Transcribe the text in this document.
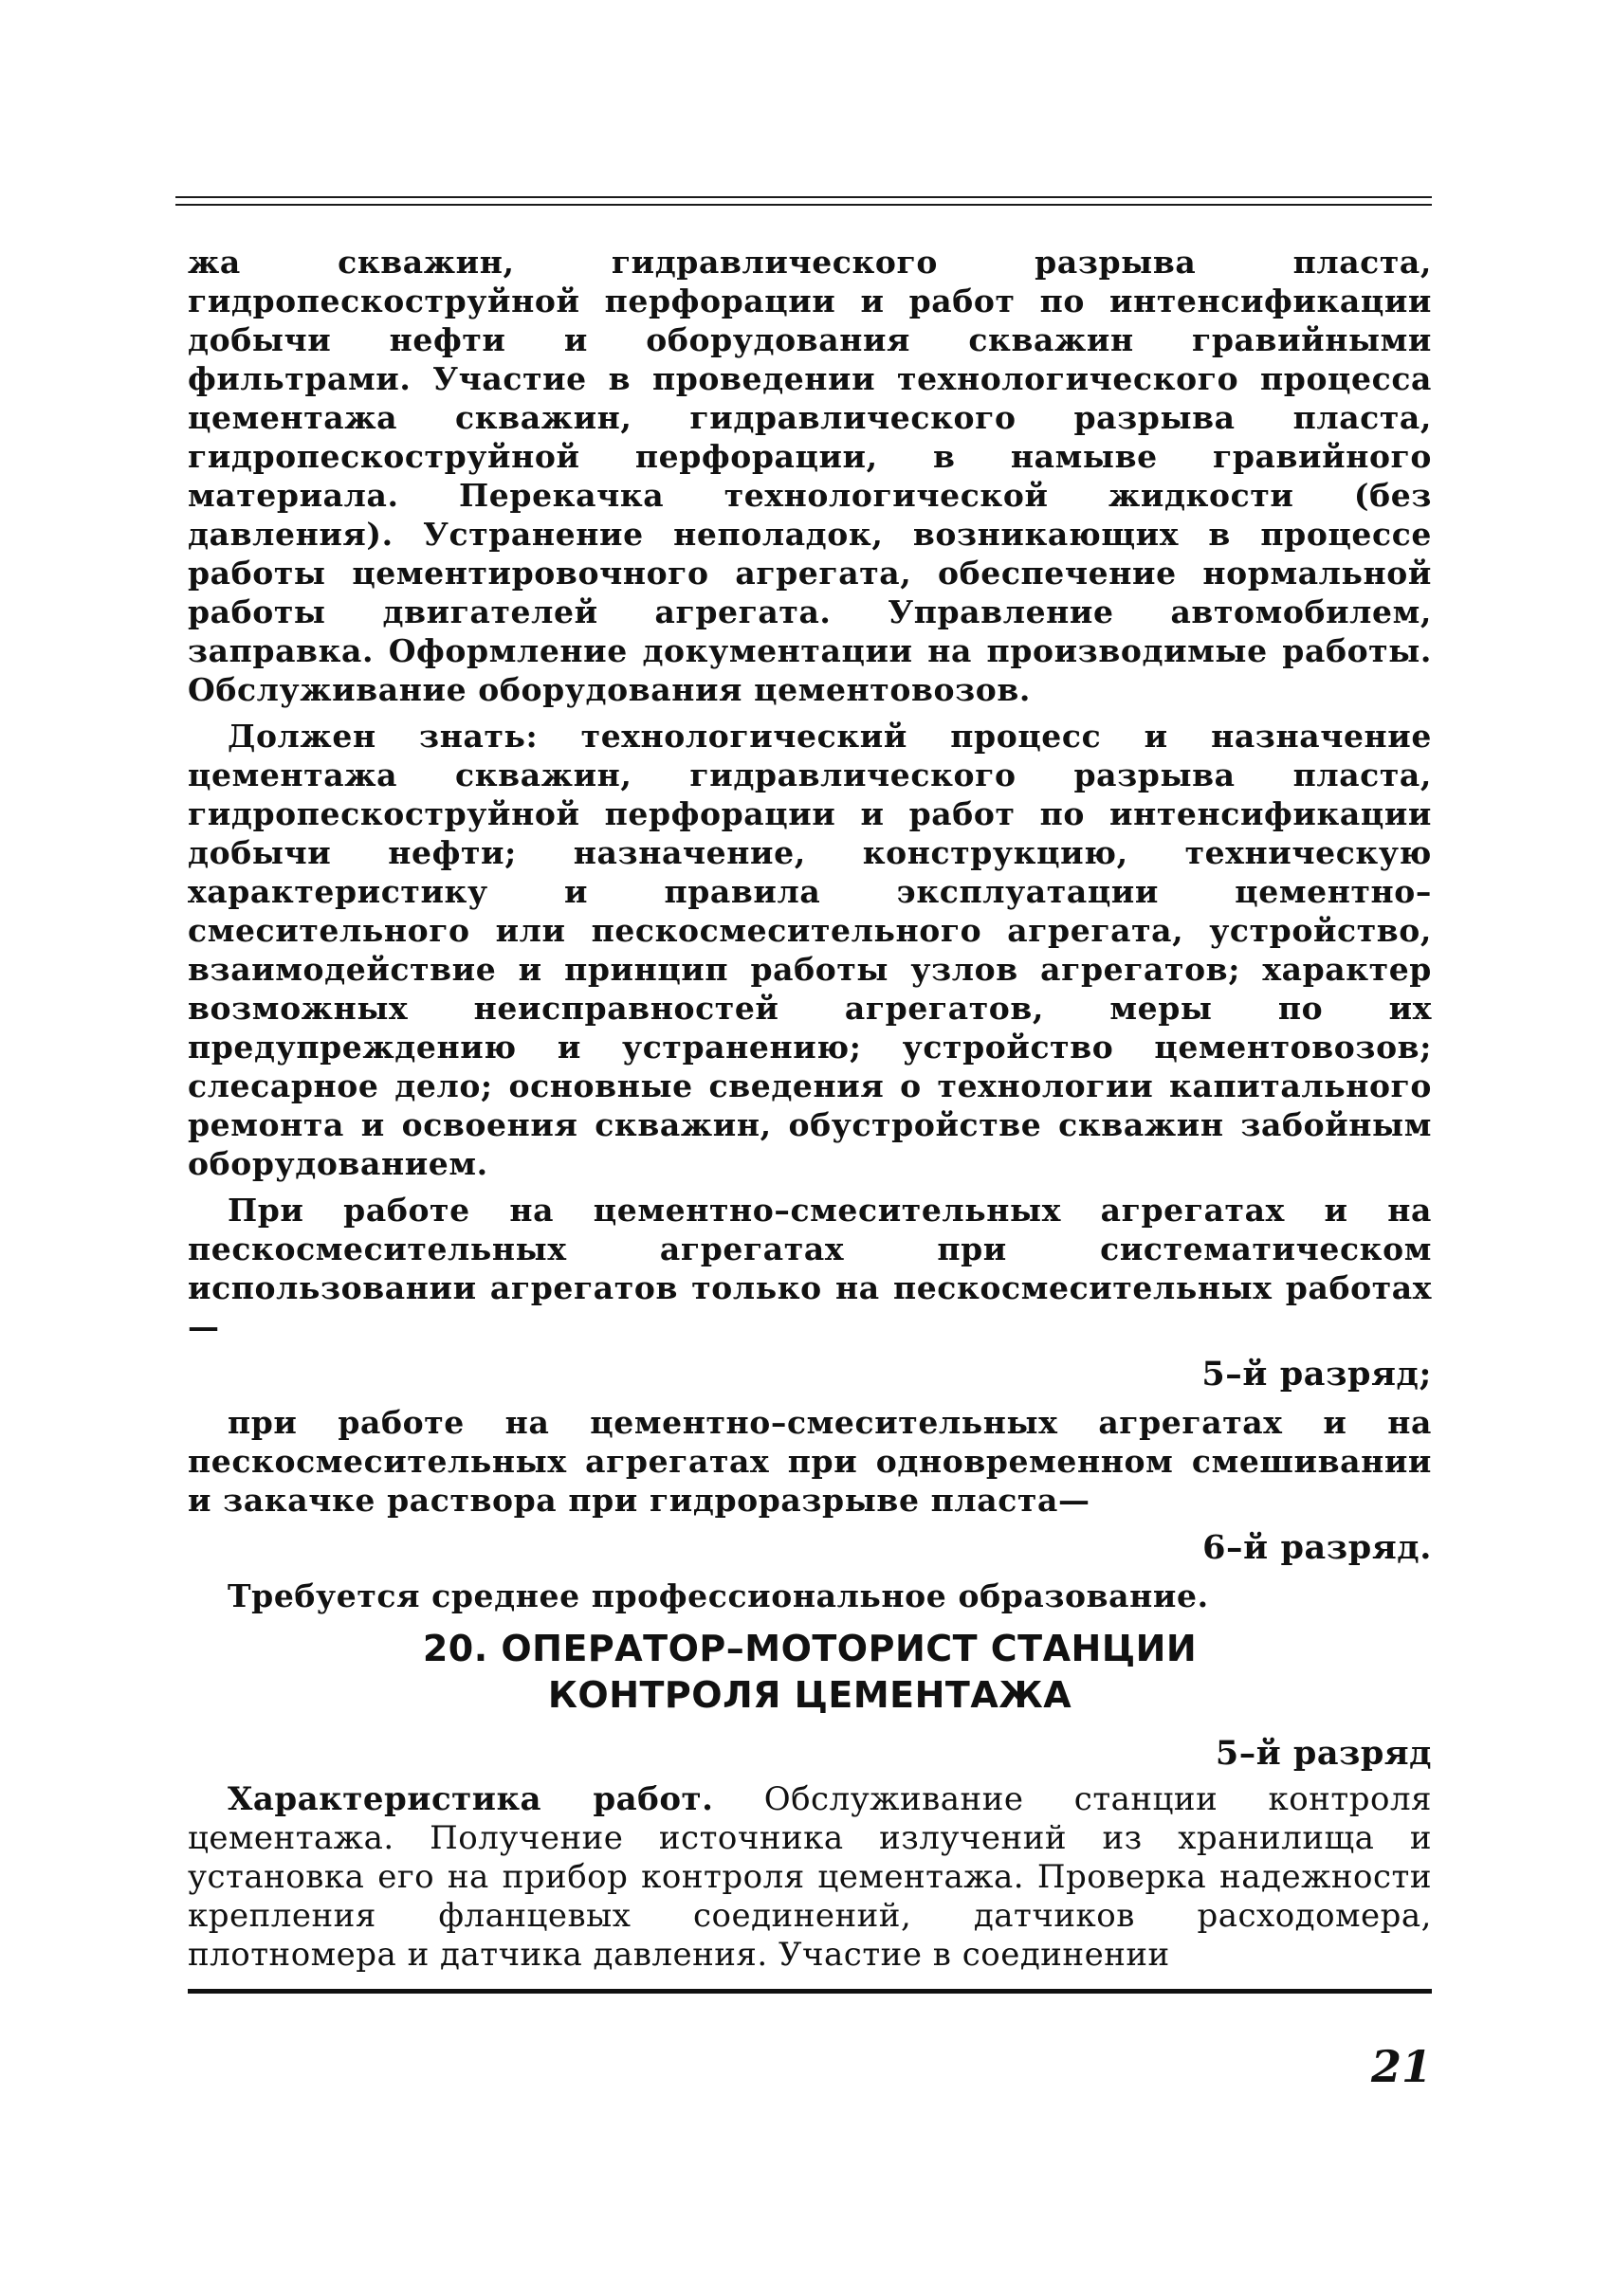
жа скважин, гидравлического разрыва пласта, гидропескоструйной перфорации и работ по интенсификации добычи нефти и оборудования скважин гравийными фильтрами. Участие в проведении технологического процесса цементажа скважин, гидравлического разрыва пласта, гидропескоструйной перфорации, в намыве гравийного материала. Перекачка технологической жидкости (без давления). Устранение неполадок, возникающих в процессе работы цементировочного агрегата, обеспечение нормальной работы двигателей агрегата. Управление автомобилем, заправка. Оформление документации на производимые работы. Обслуживание оборудования цементовозов.

Должен знать: технологический процесс и назначение цементажа скважин, гидравлического разрыва пласта, гидропескоструйной перфорации и работ по интенсификации добычи нефти; назначение, конструкцию, техническую характеристику и правила эксплуатации цементно–смесительного или пескосмесительного агрегата, устройство, взаимодействие и принцип работы узлов агрегатов; характер возможных неисправностей агрегатов, меры по их предупреждению и устранению; устройство цементовозов; слесарное дело; основные сведения о технологии капитального ремонта и освоения скважин, обустройстве скважин забойным оборудованием.

При работе на цементно–смесительных агрегатах и на пескосмесительных агрегатах при систематическом использовании агрегатов только на пескосмесительных работах—

5–й разряд;

при работе на цементно–смесительных агрегатах и на пескосмесительных агрегатах при одновременном смешивании и закачке раствора при гидроразрыве пласта—

6–й разряд.

Требуется среднее профессиональное образование.

20. ОПЕРАТОР–МОТОРИСТ СТАНЦИИ
КОНТРОЛЯ ЦЕМЕНТАЖА
5–й разряд

Характеристика работ. Обслуживание станции контроля цементажа. Получение источника излучений из хранилища и установка его на прибор контроля цементажа. Проверка надежности крепления фланцевых соединений, датчиков расходомера, плотномера и датчика давления. Участие в соединении

21
